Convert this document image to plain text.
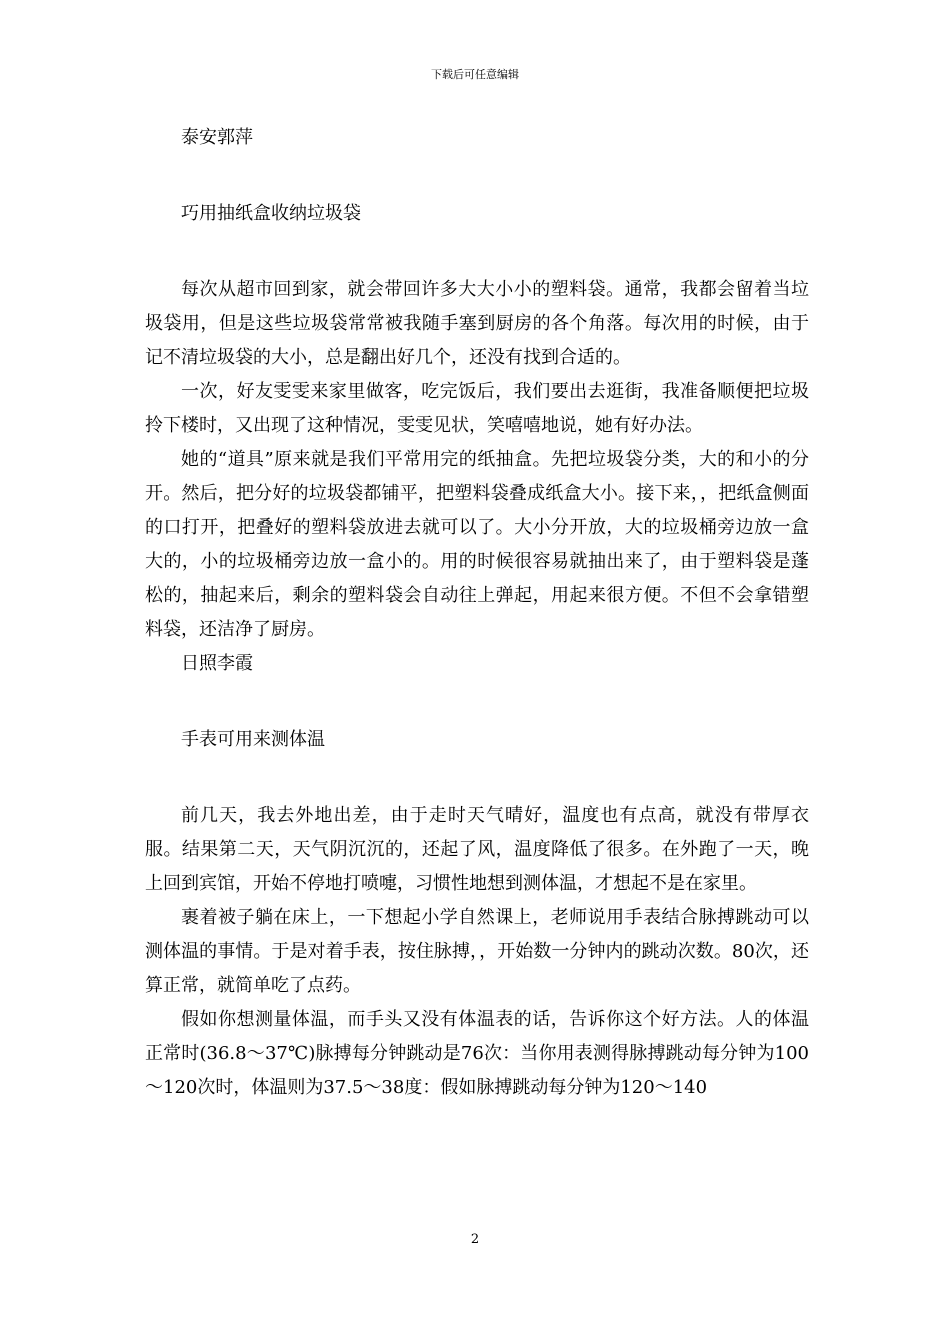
下载后可任意编辑

泰安郭萍

巧用抽纸盒收纳垃圾袋

每次从超市回到家，就会带回许多大大小小的塑料袋。通常，我都会留着当垃圾袋用，但是这些垃圾袋常常被我随手塞到厨房的各个角落。每次用的时候，由于记不清垃圾袋的大小，总是翻出好几个，还没有找到合适的。

一次，好友雯雯来家里做客，吃完饭后，我们要出去逛街，我准备顺便把垃圾拎下楼时，又出现了这种情况，雯雯见状，笑嘻嘻地说，她有好办法。

她的“道具”原来就是我们平常用完的纸抽盒。先把垃圾袋分类，大的和小的分开。然后，把分好的垃圾袋都铺平，把塑料袋叠成纸盒大小。接下来，，把纸盒侧面的口打开，把叠好的塑料袋放进去就可以了。大小分开放，大的垃圾桶旁边放一盒大的，小的垃圾桶旁边放一盒小的。用的时候很容易就抽出来了，由于塑料袋是蓬松的，抽起来后，剩余的塑料袋会自动往上弹起，用起来很方便。不但不会拿错塑料袋，还洁净了厨房。

日照李霞

手表可用来测体温

前几天，我去外地出差，由于走时天气晴好，温度也有点高，就没有带厚衣服。结果第二天，天气阴沉沉的，还起了风，温度降低了很多。在外跑了一天，晚上回到宾馆，开始不停地打喷嚏，习惯性地想到测体温，才想起不是在家里。

裹着被子躺在床上，一下想起小学自然课上，老师说用手表结合脉搏跳动可以测体温的事情。于是对着手表，按住脉搏，，开始数一分钟内的跳动次数。80次，还算正常，就简单吃了点药。

假如你想测量体温，而手头又没有体温表的话，告诉你这个好方法。人的体温正常时(36.8～37℃)脉搏每分钟跳动是76次：当你用表测得脉搏跳动每分钟为100～120次时，体温则为37.5～38度：假如脉搏跳动每分钟为120～140

2
